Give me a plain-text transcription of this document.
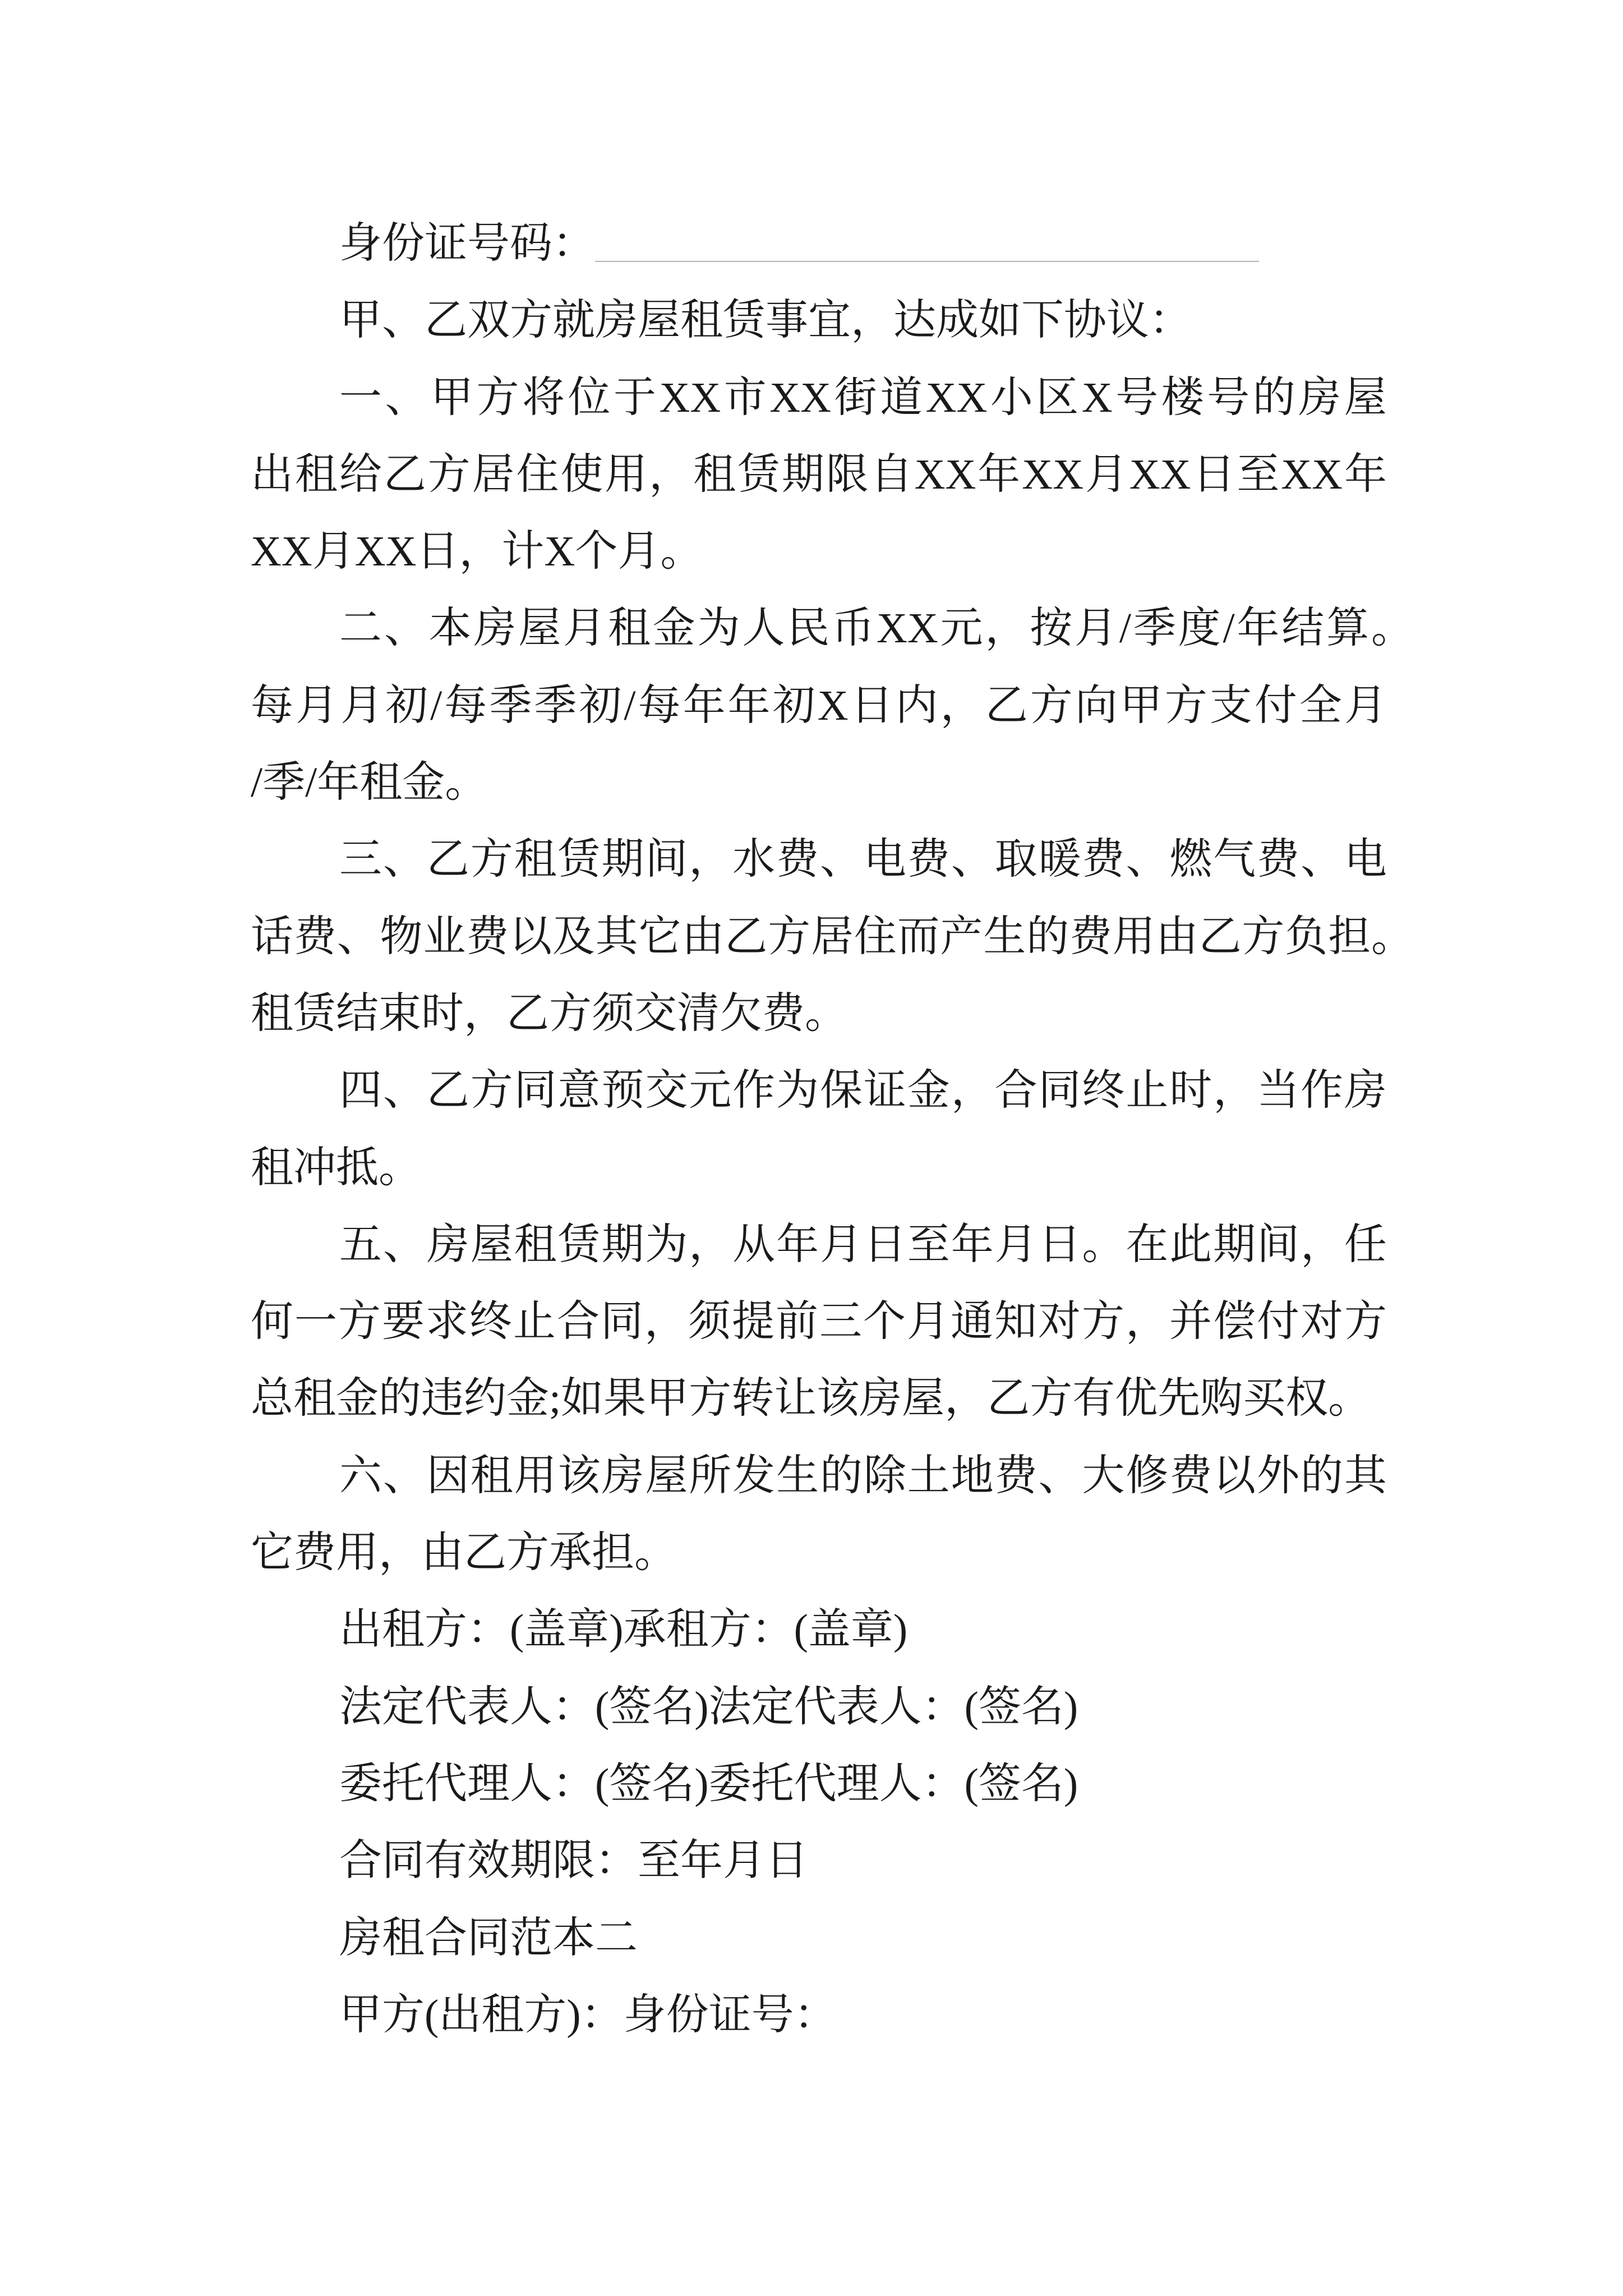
身份证号码：
甲、乙双方就房屋租赁事宜，达成如下协议：
一 、 甲 方 将 位 于 XX 市 XX 街 道 XX 小 区 X 号 楼 号 的 房 屋
出 租 给 乙 方 居 住 使 用 ， 租 赁 期 限 自 XX 年 XX 月 XX 日 至 XX 年
XX月XX日，计X个月。
二 、 本 房 屋 月 租 金 为 人 民 币 XX 元 ， 按 月 / 季 度 / 年 结 算 。
每 月 月 初 / 每 季 季 初 / 每 年 年 初 X 日 内 ， 乙 方 向 甲 方 支 付 全 月
/季/年租金。
三 、 乙 方 租 赁 期 间 ， 水 费 、 电 费 、 取 暖 费 、 燃 气 费 、 电
话 费 、 物 业 费 以 及 其 它 由 乙 方 居 住 而 产 生 的 费 用 由 乙 方 负 担 。
租赁结束时，乙方须交清欠费。
四 、 乙 方 同 意 预 交 元 作 为 保 证 金 ， 合 同 终 止 时 ， 当 作 房
租冲抵。
五 、 房 屋 租 赁 期 为 ， 从 年 月 日 至 年 月 日 。 在 此 期 间 ， 任
何 一 方 要 求 终 止 合 同 ， 须 提 前 三 个 月 通 知 对 方 ， 并 偿 付 对 方
总租金的违约金;如果甲方转让该房屋，乙方有优先购买权。
六 、 因 租 用 该 房 屋 所 发 生 的 除 土 地 费 、 大 修 费 以 外 的 其
它费用，由乙方承担。
出租方：(盖章)承租方：(盖章)
法定代表人：(签名)法定代表人：(签名)
委托代理人：(签名)委托代理人：(签名)
合同有效期限：至年月日
房租合同范本二
甲方(出租方)：身份证号：
